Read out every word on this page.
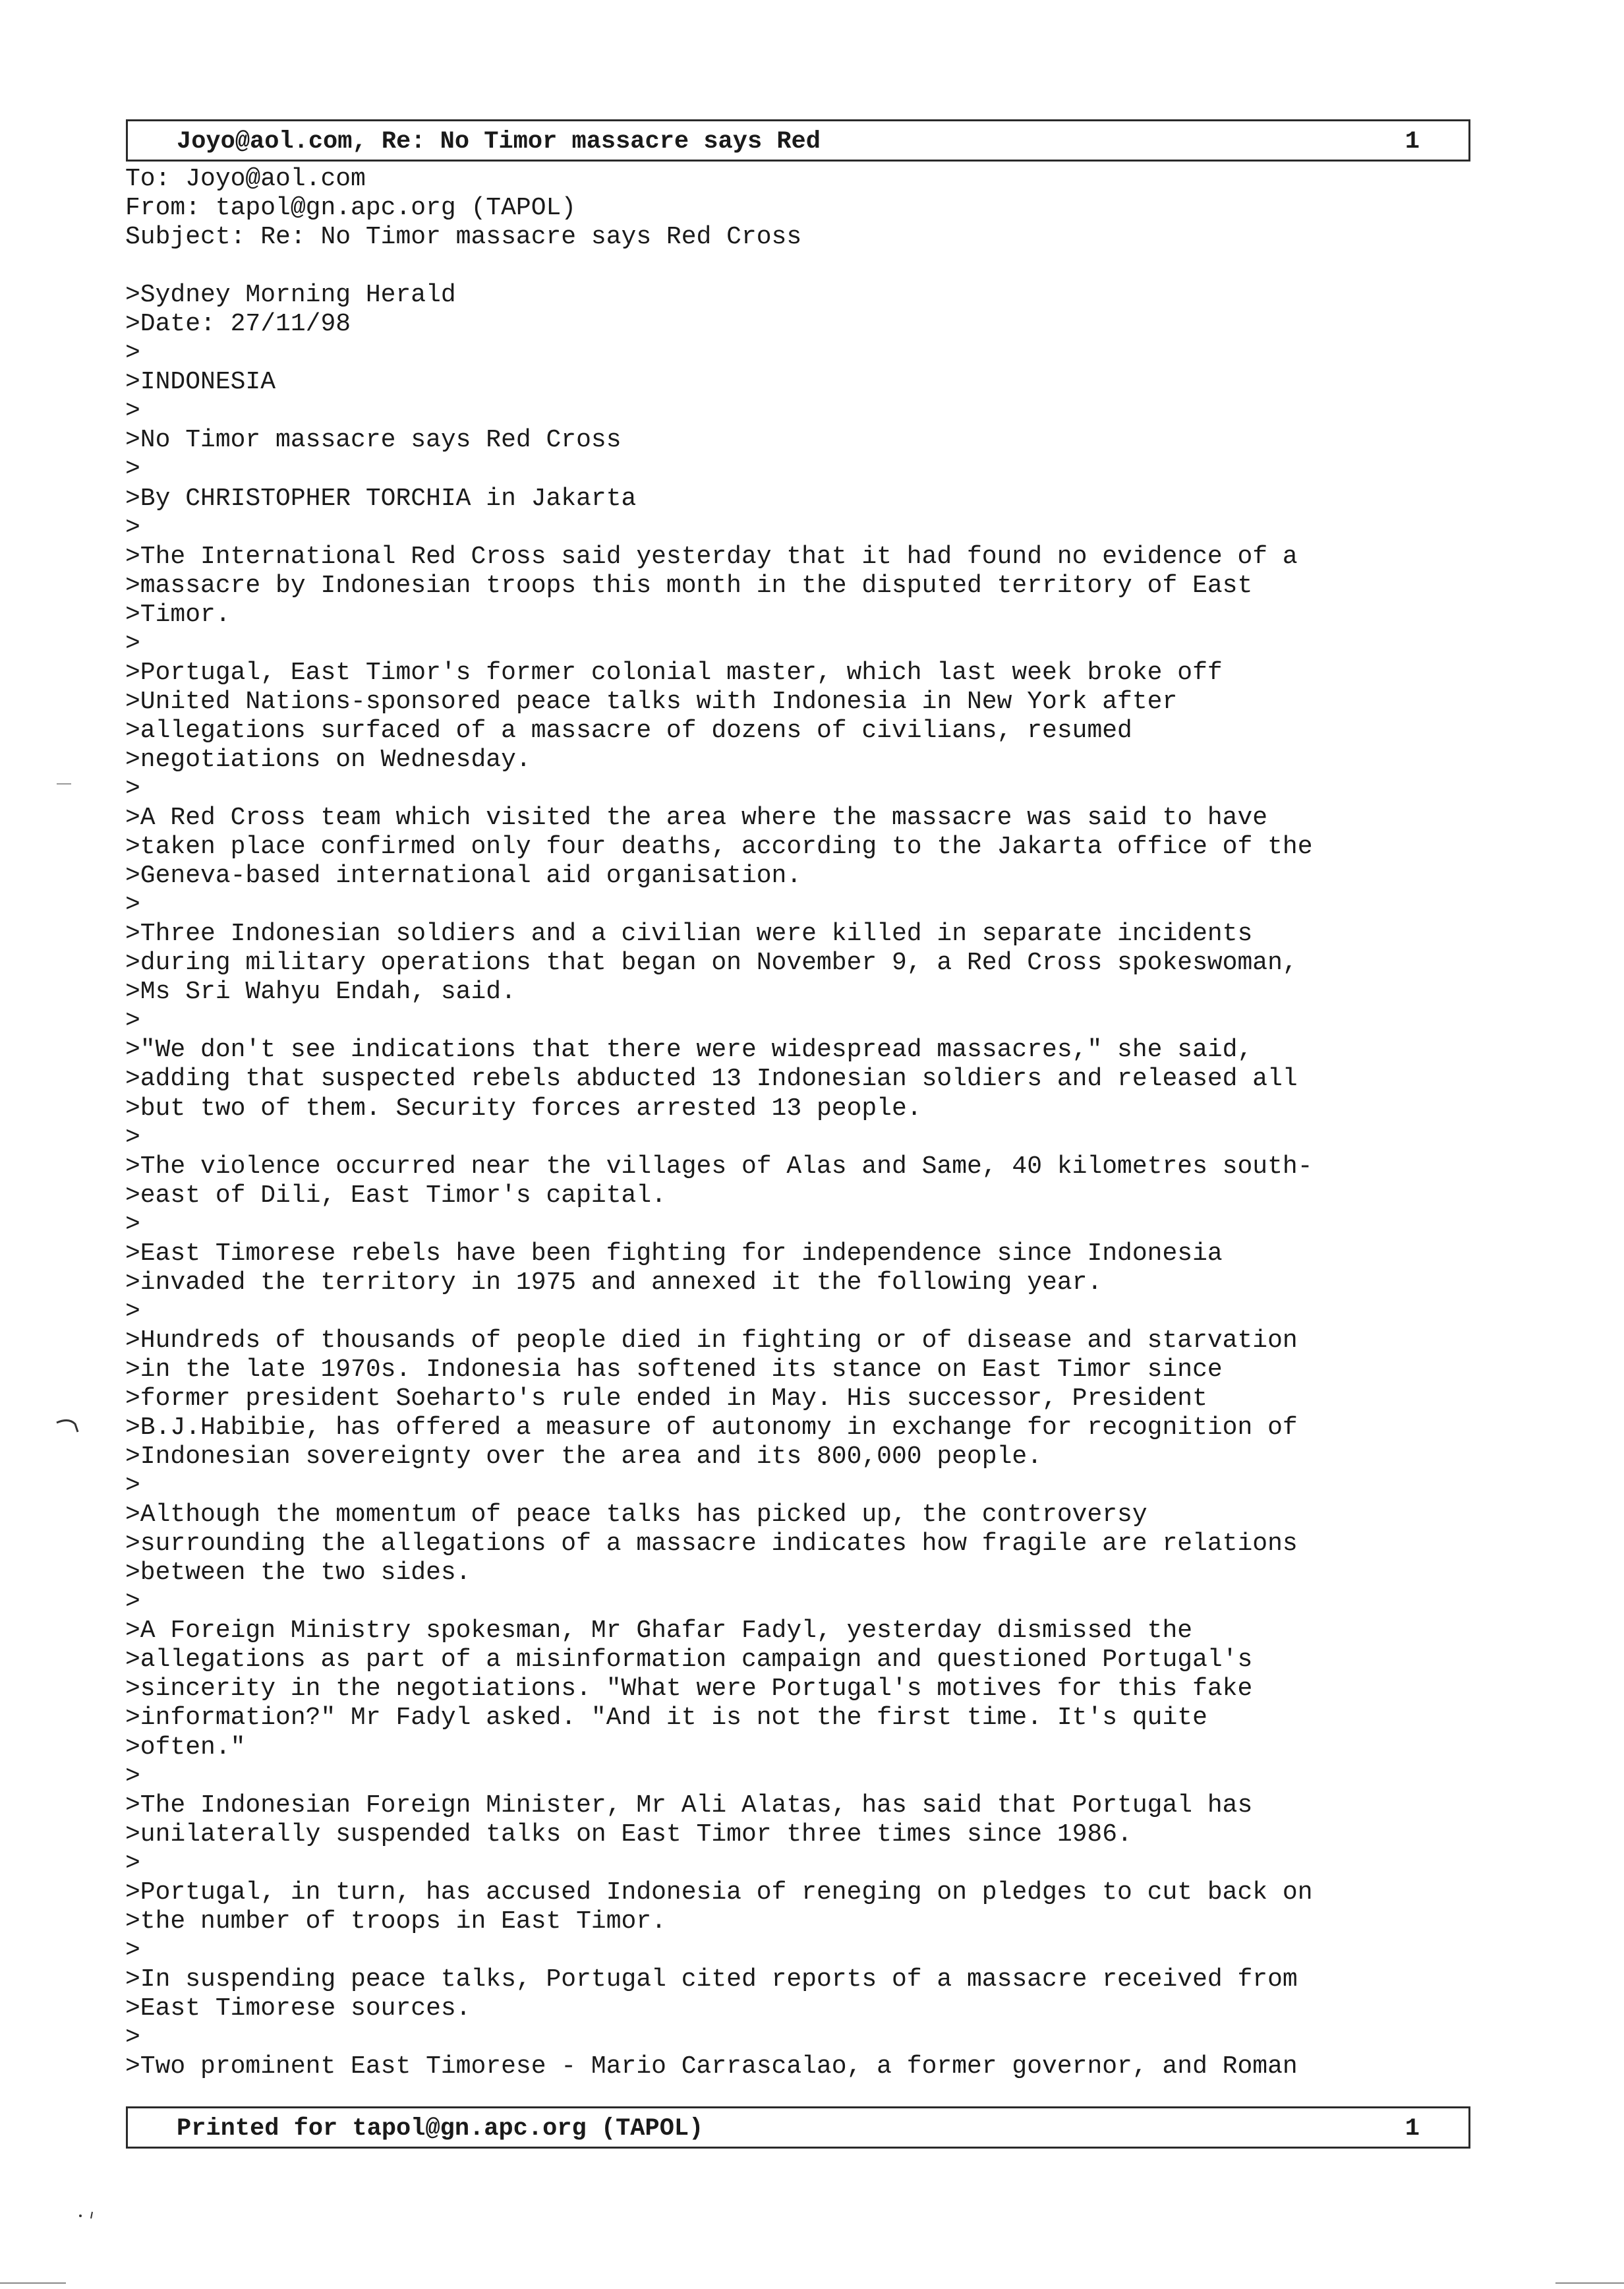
Joyo@aol.com, Re: No Timor massacre says Red	1
To: Joyo@aol.com
From: tapol@gn.apc.org (TAPOL)
Subject: Re: No Timor massacre says Red Cross
>Sydney Morning Herald
>Date: 27/11/98
>
>INDONESIA
>
>No Timor massacre says Red Cross
>
>By CHRISTOPHER TORCHIA in Jakarta
>
>The International Red Cross said yesterday that it had found no evidence of a
>massacre by Indonesian troops this month in the disputed territory of East
>Timor.
>
>Portugal, East Timor's former colonial master, which last week broke off
>United Nations-sponsored peace talks with Indonesia in New York after
>allegations surfaced of a massacre of dozens of civilians, resumed
>negotiations on Wednesday.
>
>A Red Cross team which visited the area where the massacre was said to have
>taken place confirmed only four deaths, according to the Jakarta office of the
>Geneva-based international aid organisation.
>
>Three Indonesian soldiers and a civilian were killed in separate incidents
>during military operations that began on November 9, a Red Cross spokeswoman,
>Ms Sri Wahyu Endah, said.
>
>"We don't see indications that there were widespread massacres," she said,
>adding that suspected rebels abducted 13 Indonesian soldiers and released all
>but two of them. Security forces arrested 13 people.
>
>The violence occurred near the villages of Alas and Same, 40 kilometres south-
>east of Dili, East Timor's capital.
>
>East Timorese rebels have been fighting for independence since Indonesia
>invaded the territory in 1975 and annexed it the following year.
>
>Hundreds of thousands of people died in fighting or of disease and starvation
>in the late 1970s. Indonesia has softened its stance on East Timor since
>former president Soeharto's rule ended in May. His successor, President
>B.J.Habibie, has offered a measure of autonomy in exchange for recognition of
>Indonesian sovereignty over the area and its 800,000 people.
>
>Although the momentum of peace talks has picked up, the controversy
>surrounding the allegations of a massacre indicates how fragile are relations
>between the two sides.
>
>A Foreign Ministry spokesman, Mr Ghafar Fadyl, yesterday dismissed the
>allegations as part of a misinformation campaign and questioned Portugal's
>sincerity in the negotiations. "What were Portugal's motives for this fake
>information?" Mr Fadyl asked. "And it is not the first time. It's quite
>often."
>
>The Indonesian Foreign Minister, Mr Ali Alatas, has said that Portugal has
>unilaterally suspended talks on East Timor three times since 1986.
>
>Portugal, in turn, has accused Indonesia of reneging on pledges to cut back on
>the number of troops in East Timor.
>
>In suspending peace talks, Portugal cited reports of a massacre received from
>East Timorese sources.
>
>Two prominent East Timorese - Mario Carrascalao, a former governor, and Roman
Printed for tapol@gn.apc.org (TAPOL)	1
